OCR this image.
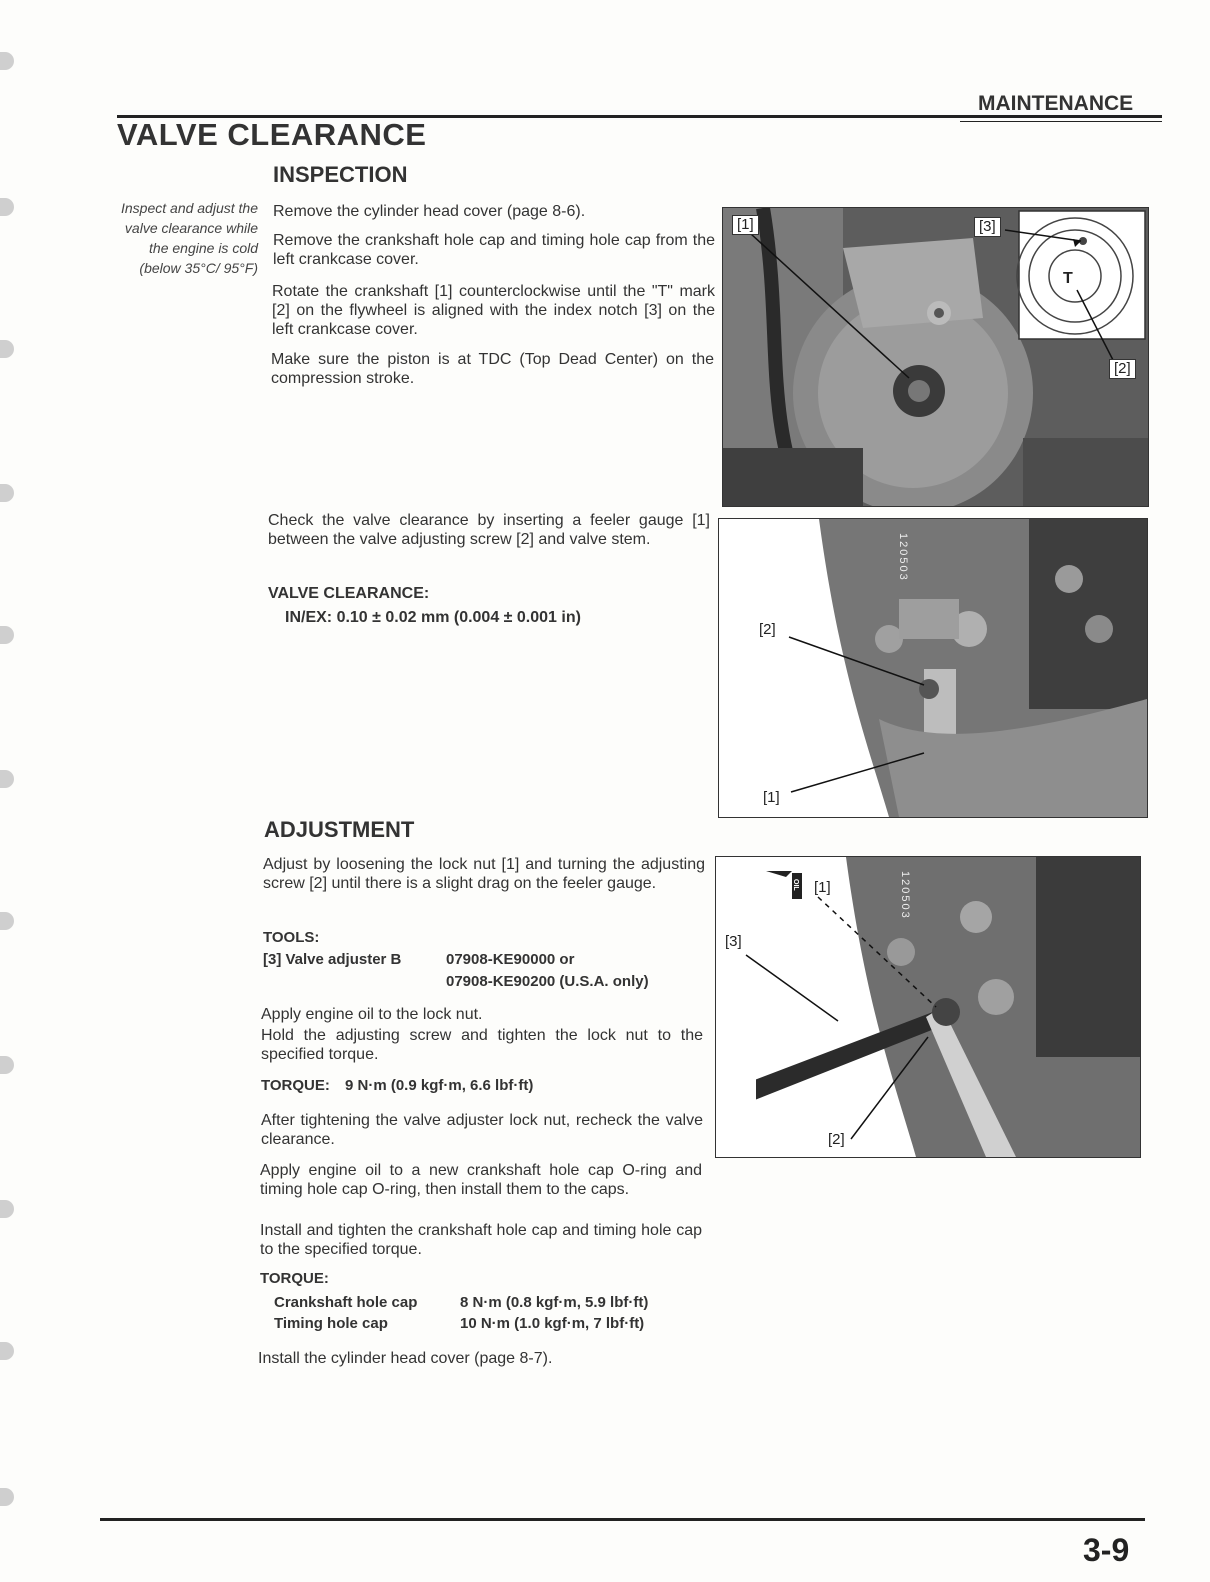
MAINTENANCE
VALVE CLEARANCE
INSPECTION

Inspect and adjust the valve clearance while the engine is cold (below 35°C/ 95°F)

Remove the cylinder head cover (page 8-6).

Remove the crankshaft hole cap and timing hole cap from the left crankcase cover.

Rotate the crankshaft [1] counterclockwise until the "T" mark [2] on the flywheel is aligned with the index notch [3] on the left crankcase cover.

Make sure the piston is at TDC (Top Dead Center) on the compression stroke.

Check the valve clearance by inserting a feeler gauge [1] between the valve adjusting screw [2] and valve stem.

VALVE CLEARANCE:
IN/EX: 0.10 ± 0.02 mm (0.004 ± 0.001 in)
ADJUSTMENT

Adjust by loosening the lock nut [1] and turning the adjusting screw [2] until there is a slight drag on the feeler gauge.

TOOLS:
[3] Valve adjuster B	07908-KE90000 or
07908-KE90200 (U.S.A. only)

Apply engine oil to the lock nut.

Hold the adjusting screw and tighten the lock nut to the specified torque.

TORQUE: 9 N·m (0.9 kgf·m, 6.6 lbf·ft)

After tightening the valve adjuster lock nut, recheck the valve clearance.

Apply engine oil to a new crankshaft hole cap O-ring and timing hole cap O-ring, then install them to the caps.

Install and tighten the crankshaft hole cap and timing hole cap to the specified torque.

TORQUE:
Crankshaft hole cap	8 N·m (0.8 kgf·m, 5.9 lbf·ft)
Timing hole cap	10 N·m (1.0 kgf·m, 7 lbf·ft)

Install the cylinder head cover (page 8-7).

T
[1]	[3]
[2]
120503
[2]
[1]
OIL	120503
[1]
[3]
[2]
3-9
